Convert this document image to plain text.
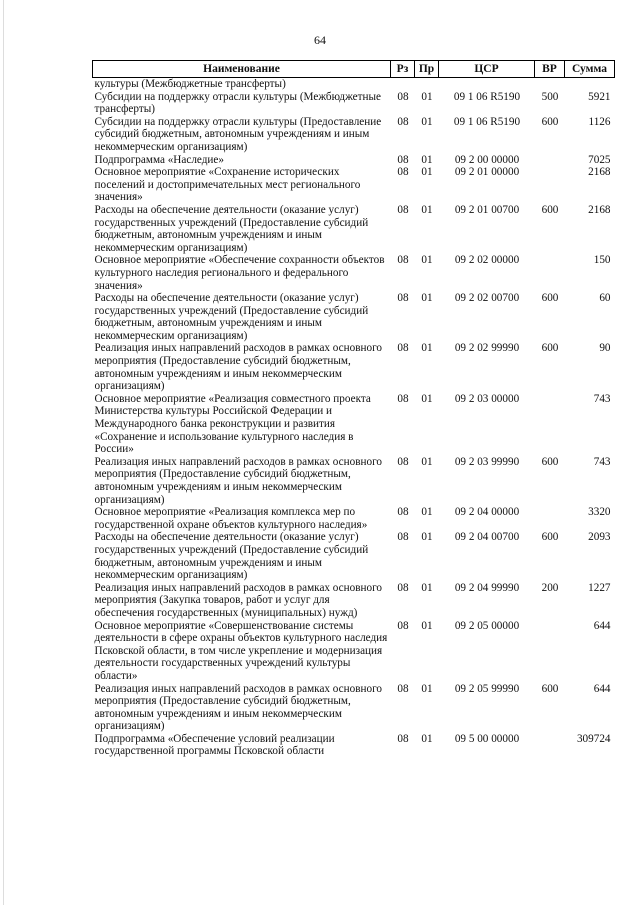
64
Наименование	Рз	Пр	ЦСР	ВР	Сумма
культуры (Межбюджетные трансферты)					
Субсидии на поддержку отрасли культуры (Межбюджетные трансферты)	08	01	09 1 06 R5190	500	5921
Субсидии на поддержку отрасли культуры (Предоставление субсидий бюджетным, автономным учреждениям и иным некоммерческим организациям)	08	01	09 1 06 R5190	600	1126
Подпрограмма «Наследие»	08	01	09 2 00 00000		7025
Основное мероприятие «Сохранение исторических поселений и достопримечательных мест регионального значения»	08	01	09 2 01 00000		2168
Расходы на обеспечение деятельности (оказание услуг) государственных учреждений (Предоставление субсидий бюджетным, автономным учреждениям и иным некоммерческим организациям)	08	01	09 2 01 00700	600	2168
Основное мероприятие «Обеспечение сохранности объектов культурного наследия регионального и федерального значения»	08	01	09 2 02 00000		150
Расходы на обеспечение деятельности (оказание услуг) государственных учреждений (Предоставление субсидий бюджетным, автономным учреждениям и иным некоммерческим организациям)	08	01	09 2 02 00700	600	60
Реализация иных направлений расходов в рамках основного мероприятия (Предоставление субсидий бюджетным, автономным учреждениям и иным некоммерческим организациям)	08	01	09 2 02 99990	600	90
Основное мероприятие «Реализация совместного проекта Министерства культуры Российской Федерации и Международного банка реконструкции и развития «Сохранение и использование культурного наследия в России»	08	01	09 2 03 00000		743
Реализация иных направлений расходов в рамках основного мероприятия (Предоставление субсидий бюджетным, автономным учреждениям и иным некоммерческим организациям)	08	01	09 2 03 99990	600	743
Основное мероприятие «Реализация комплекса мер по государственной охране объектов культурного наследия»	08	01	09 2 04 00000		3320
Расходы на обеспечение деятельности (оказание услуг) государственных учреждений (Предоставление субсидий бюджетным, автономным учреждениям и иным некоммерческим организациям)	08	01	09 2 04 00700	600	2093
Реализация иных направлений расходов в рамках основного мероприятия (Закупка товаров, работ и услуг для обеспечения государственных (муниципальных) нужд)	08	01	09 2 04 99990	200	1227
Основное мероприятие «Совершенствование системы деятельности в сфере охраны объектов культурного наследия Псковской области, в том числе укрепление и модернизация деятельности государственных учреждений культуры области»	08	01	09 2 05 00000		644
Реализация иных направлений расходов в рамках основного мероприятия (Предоставление субсидий бюджетным, автономным учреждениям и иным некоммерческим организациям)	08	01	09 2 05 99990	600	644
Подпрограмма «Обеспечение условий реализации государственной программы Псковской области	08	01	09 5 00 00000		309724
